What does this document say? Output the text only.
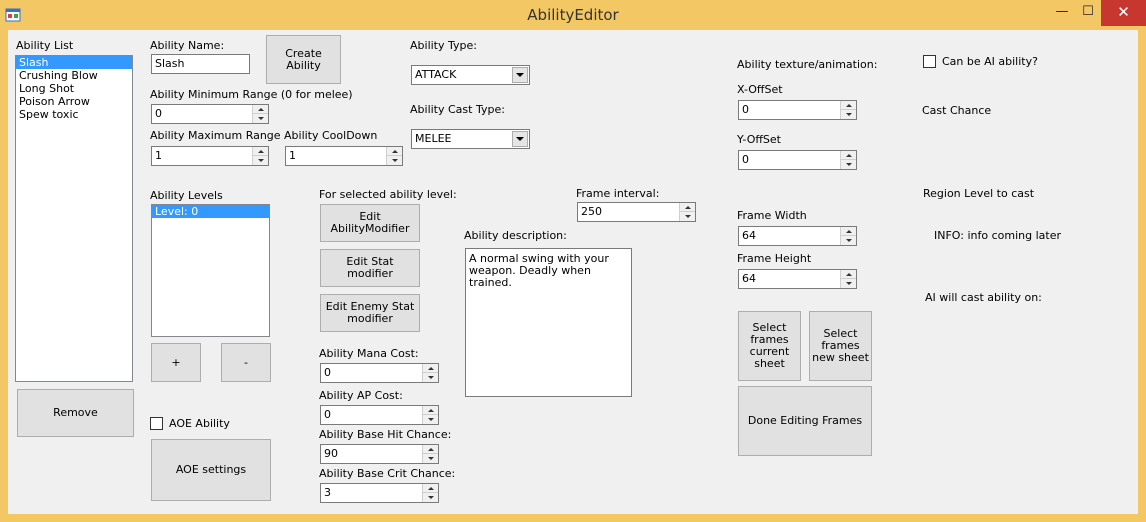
AbilityEditor	—	☐	✕
Ability List
Slash
Crushing Blow
Long Shot
Poison Arrow
Spew toxic
Remove
Ability Name:
Slash
Create Ability
Ability Minimum Range (0 for melee)
0
Ability Maximum Range
1
Ability CoolDown
1
Ability Type:
ATTACK
Ability Cast Type:
MELEE
Ability Levels
Level: 0
+	-
AOE Ability
AOE settings
For selected ability level:
Edit AbilityModifier
Edit Stat modifier
Edit Enemy Stat modifier
Ability Mana Cost:
0
Ability AP Cost:
0
Ability Base Hit Chance:
90
Ability Base Crit Chance:
3
Frame interval:
250
Ability description:
A normal swing with your weapon. Deadly when trained.
Ability texture/animation:
X-OffSet
0
Y-OffSet
0
Frame Width
64
Frame Height
64
Select frames current sheet
Select frames new sheet
Done Editing Frames
Can be AI ability?
Cast Chance
Region Level to cast
INFO: info coming later
AI will cast ability on:
